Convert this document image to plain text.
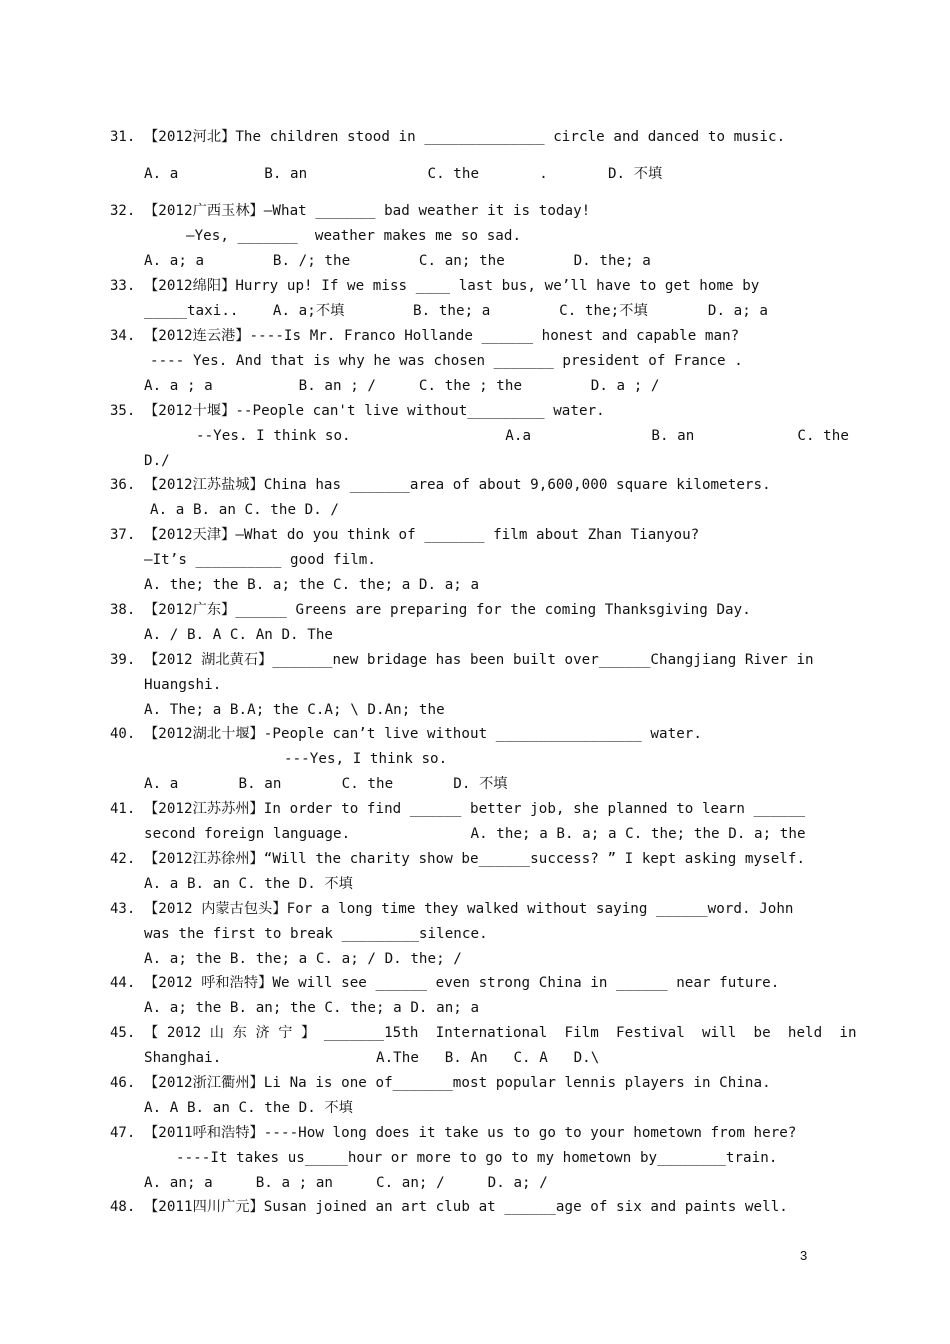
31. 【2012河北】The children stood in ______________ circle and danced to music.
A. a          B. an              C. the       .       D. 不填
32. 【2012广西玉林】—What _______ bad weather it is today!
—Yes, _______  weather makes me so sad.
A. a; a        B. /; the        C. an; the        D. the; a
33. 【2012绵阳】Hurry up! If we miss ____ last bus, we’ll have to get home by
_____taxi..    A. a;不填        B. the; a        C. the;不填       D. a; a
34. 【2012连云港】----Is Mr. Franco Hollande ______ honest and capable man?
---- Yes. And that is why he was chosen _______ president of France .
A. a ; a          B. an ; /     C. the ; the        D. a ; /
35. 【2012十堰】--People can't live without_________ water.
--Yes. I think so.                  A.a              B. an            C. the
D./
36. 【2012江苏盐城】China has _______area of about 9,600,000 square kilometers.
A. a B. an C. the D. /
37. 【2012天津】—What do you think of _______ film about Zhan Tianyou?
—It’s __________ good film.
A. the; the B. a; the C. the; a D. a; a
38. 【2012广东】______ Greens are preparing for the coming Thanksgiving Day.
A. / B. A C. An D. The
39. 【2012 湖北黄石】_______new bridage has been built over______Changjiang River in
Huangshi.
A. The; a B.A; the C.A; \ D.An; the
40. 【2012湖北十堰】-People can’t live without _________________ water.
---Yes, I think so.
A. a       B. an       C. the       D. 不填
41. 【2012江苏苏州】In order to find ______ better job, she planned to learn ______
second foreign language.              A. the; a B. a; a C. the; the D. a; the
42. 【2012江苏徐州】“Will the charity show be______success? ” I kept asking myself.
A. a B. an C. the D. 不填
43. 【2012 内蒙古包头】For a long time they walked without saying ______word. John
was the first to break _________silence.
A. a; the B. the; a C. a; / D. the; /
44. 【2012 呼和浩特】We will see ______ even strong China in ______ near future.
A. a; the B. an; the C. the; a D. an; a
45. 【 2012 山 东 济 宁 】 _______15th  International  Film  Festival  will  be  held  in
Shanghai.                  A.The   B. An   C. A   D.\
46. 【2012浙江衢州】Li Na is one of_______most popular lennis players in China.
A. A B. an C. the D. 不填
47. 【2011呼和浩特】----How long does it take us to go to your hometown from here?
----It takes us_____hour or more to go to my hometown by________train.
A. an; a     B. a ; an     C. an; /     D. a; /
48. 【2011四川广元】Susan joined an art club at ______age of six and paints well.
3
